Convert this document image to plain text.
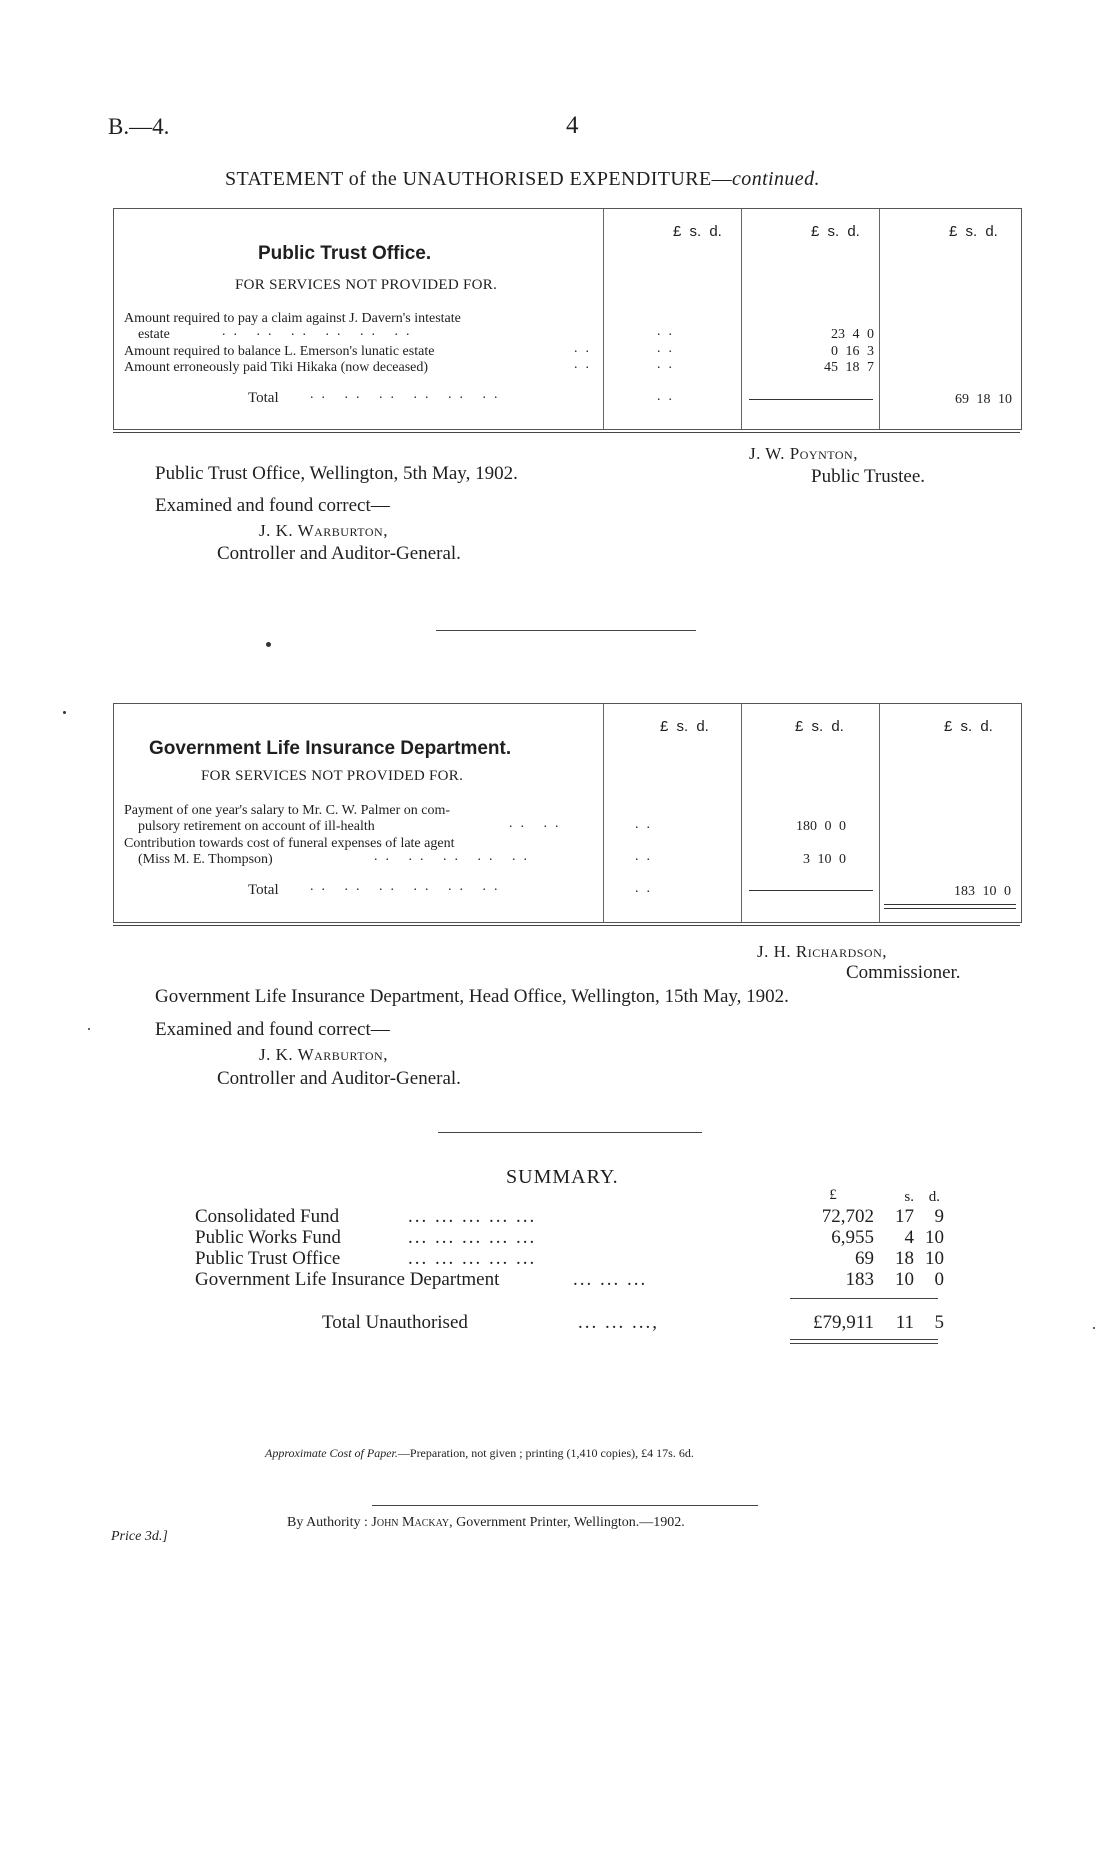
B.—4.	4
STATEMENT of the UNAUTHORISED EXPENDITURE—continued.
£ s. d.	£ s. d.	£ s. d.
Public Trust Office.
FOR SERVICES NOT PROVIDED FOR.
Amount required to pay a claim against J. Davern's intestate
estate	.. .. .. .. .. ..	..	23 4 0
Amount required to balance L. Emerson's lunatic estate	..	..	0 16 3
Amount erroneously paid Tiki Hikaka (now deceased)	..	..	45 18 7
Total .. .. .. .. .. ..	..	69 18 10
Public Trust Office, Wellington, 5th May, 1902.
Examined and found correct—
J. K. Warburton,
Controller and Auditor-General.
J. W. Poynton,
Public Trustee.
£ s. d.	£ s. d.	£ s. d.
Government Life Insurance Department.
FOR SERVICES NOT PROVIDED FOR.
Payment of one year's salary to Mr. C. W. Palmer on com-
pulsory retirement on account of ill-health	.. ..	..	180 0 0
Contribution towards cost of funeral expenses of late agent
(Miss M. E. Thompson)	.. .. .. .. ..	..	3 10 0
Total .. .. .. .. .. ..	..	183 10 0
J. H. Richardson,
Commissioner.
Government Life Insurance Department, Head Office, Wellington, 15th May, 1902.
Examined and found correct—
J. K. Warburton,
Controller and Auditor-General.
SUMMARY.
£	s. d.
Consolidated Fund	... ... ... ... ...	72,702	17	9
Public Works Fund	... ... ... ... ...	6,955	4 10
Public Trust Office	... ... ... ... ...	69	18 10
Government Life Insurance Department	... ... ...	183	10	0
Total Unauthorised	... ... ...,	£79,911	11	5
Approximate Cost of Paper.—Preparation, not given ; printing (1,410 copies), £4 17s. 6d.
By Authority : John Mackay, Government Printer, Wellington.—1902.
Price 3d.]
